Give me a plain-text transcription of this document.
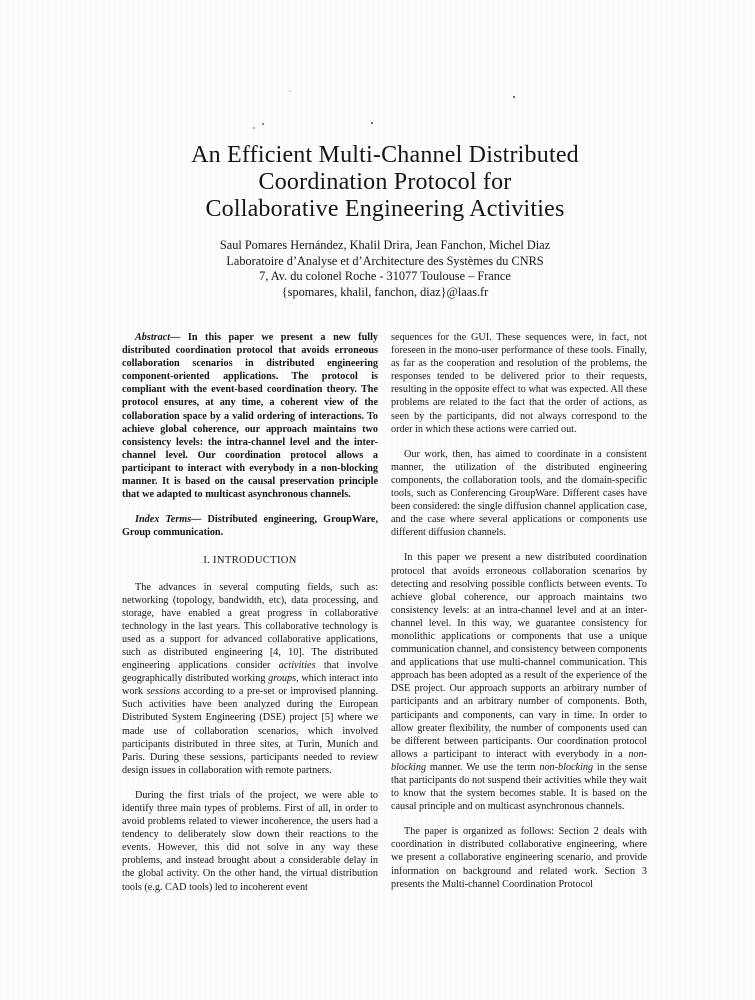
An Efficient Multi-Channel Distributed
Coordination Protocol for
Collaborative Engineering Activities
Saul Pomares Hernández, Khalil Drira, Jean Fanchon, Michel Diaz
Laboratoire d’Analyse et d’Architecture des Systèmes du CNRS
7, Av. du colonel Roche - 31077 Toulouse – France
{spomares, khalil, fanchon, diaz}@laas.fr

Abstract— In this paper we present a new fully distributed coordination protocol that avoids erroneous collaboration scenarios in distributed engineering component-oriented applications. The protocol is compliant with the event-based coordination theory. The protocol ensures, at any time, a coherent view of the collaboration space by a valid ordering of interactions. To achieve global coherence, our approach maintains two consistency levels: the intra-channel level and the inter-channel level. Our coordination protocol allows a participant to interact with everybody in a non-blocking manner. It is based on the causal preservation principle that we adapted to multicast asynchronous channels.

Index Terms— Distributed engineering, GroupWare, Group communication.

I. INTRODUCTION

The advances in several computing fields, such as: networking (topology, bandwidth, etc), data processing, and storage, have enabled a great progress in collaborative technology in the last years. This collaborative technology is used as a support for advanced collaborative applications, such as distributed engineering [4, 10]. The distributed engineering applications consider activities that involve geographically distributed working groups, which interact into work sessions according to a pre-set or improvised planning. Such activities have been analyzed during the European Distributed System Engineering (DSE) project [5] where we made use of collaboration scenarios, which involved participants distributed in three sites, at Turin, Munich and Paris. During these sessions, participants needed to review design issues in collaboration with remote partners.

During the first trials of the project, we were able to identify three main types of problems. First of all, in order to avoid problems related to viewer incoherence, the users had a tendency to deliberately slow down their reactions to the events. However, this did not solve in any way these problems, and instead brought about a considerable delay in the global activity. On the other hand, the virtual distribution tools (e.g. CAD tools) led to incoherent event

sequences for the GUI. These sequences were, in fact, not foreseen in the mono-user performance of these tools. Finally, as far as the cooperation and resolution of the problems, the responses tended to be delivered prior to their requests, resulting in the opposite effect to what was expected. All these problems are related to the fact that the order of actions, as seen by the participants, did not always correspond to the order in which these actions were carried out.

Our work, then, has aimed to coordinate in a consistent manner, the utilization of the distributed engineering components, the collaboration tools, and the domain-specific tools, such as Conferencing GroupWare. Different cases have been considered: the single diffusion channel application case, and the case where several applications or components use different diffusion channels.

In this paper we present a new distributed coordination protocol that avoids erroneous collaboration scenarios by detecting and resolving possible conflicts between events. To achieve global coherence, our approach maintains two consistency levels: at an intra-channel level and at an inter-channel level. In this way, we guarantee consistency for monolithic applications or components that use a unique communication channel, and consistency between components and applications that use multi-channel communication. This approach has been adopted as a result of the experience of the DSE project. Our approach supports an arbitrary number of participants and an arbitrary number of components. Both, participants and components, can vary in time. In order to allow greater flexibility, the number of components used can be different between participants. Our coordination protocol allows a participant to interact with everybody in a non-blocking manner. We use the term non-blocking in the sense that participants do not suspend their activities while they wait to know that the system becomes stable. It is based on the causal principle and on multicast asynchronous channels.

The paper is organized as follows: Section 2 deals with coordination in distributed collaborative engineering, where we present a collaborative engineering scenario, and provide information on background and related work. Section 3 presents the Multi-channel Coordination Protocol
